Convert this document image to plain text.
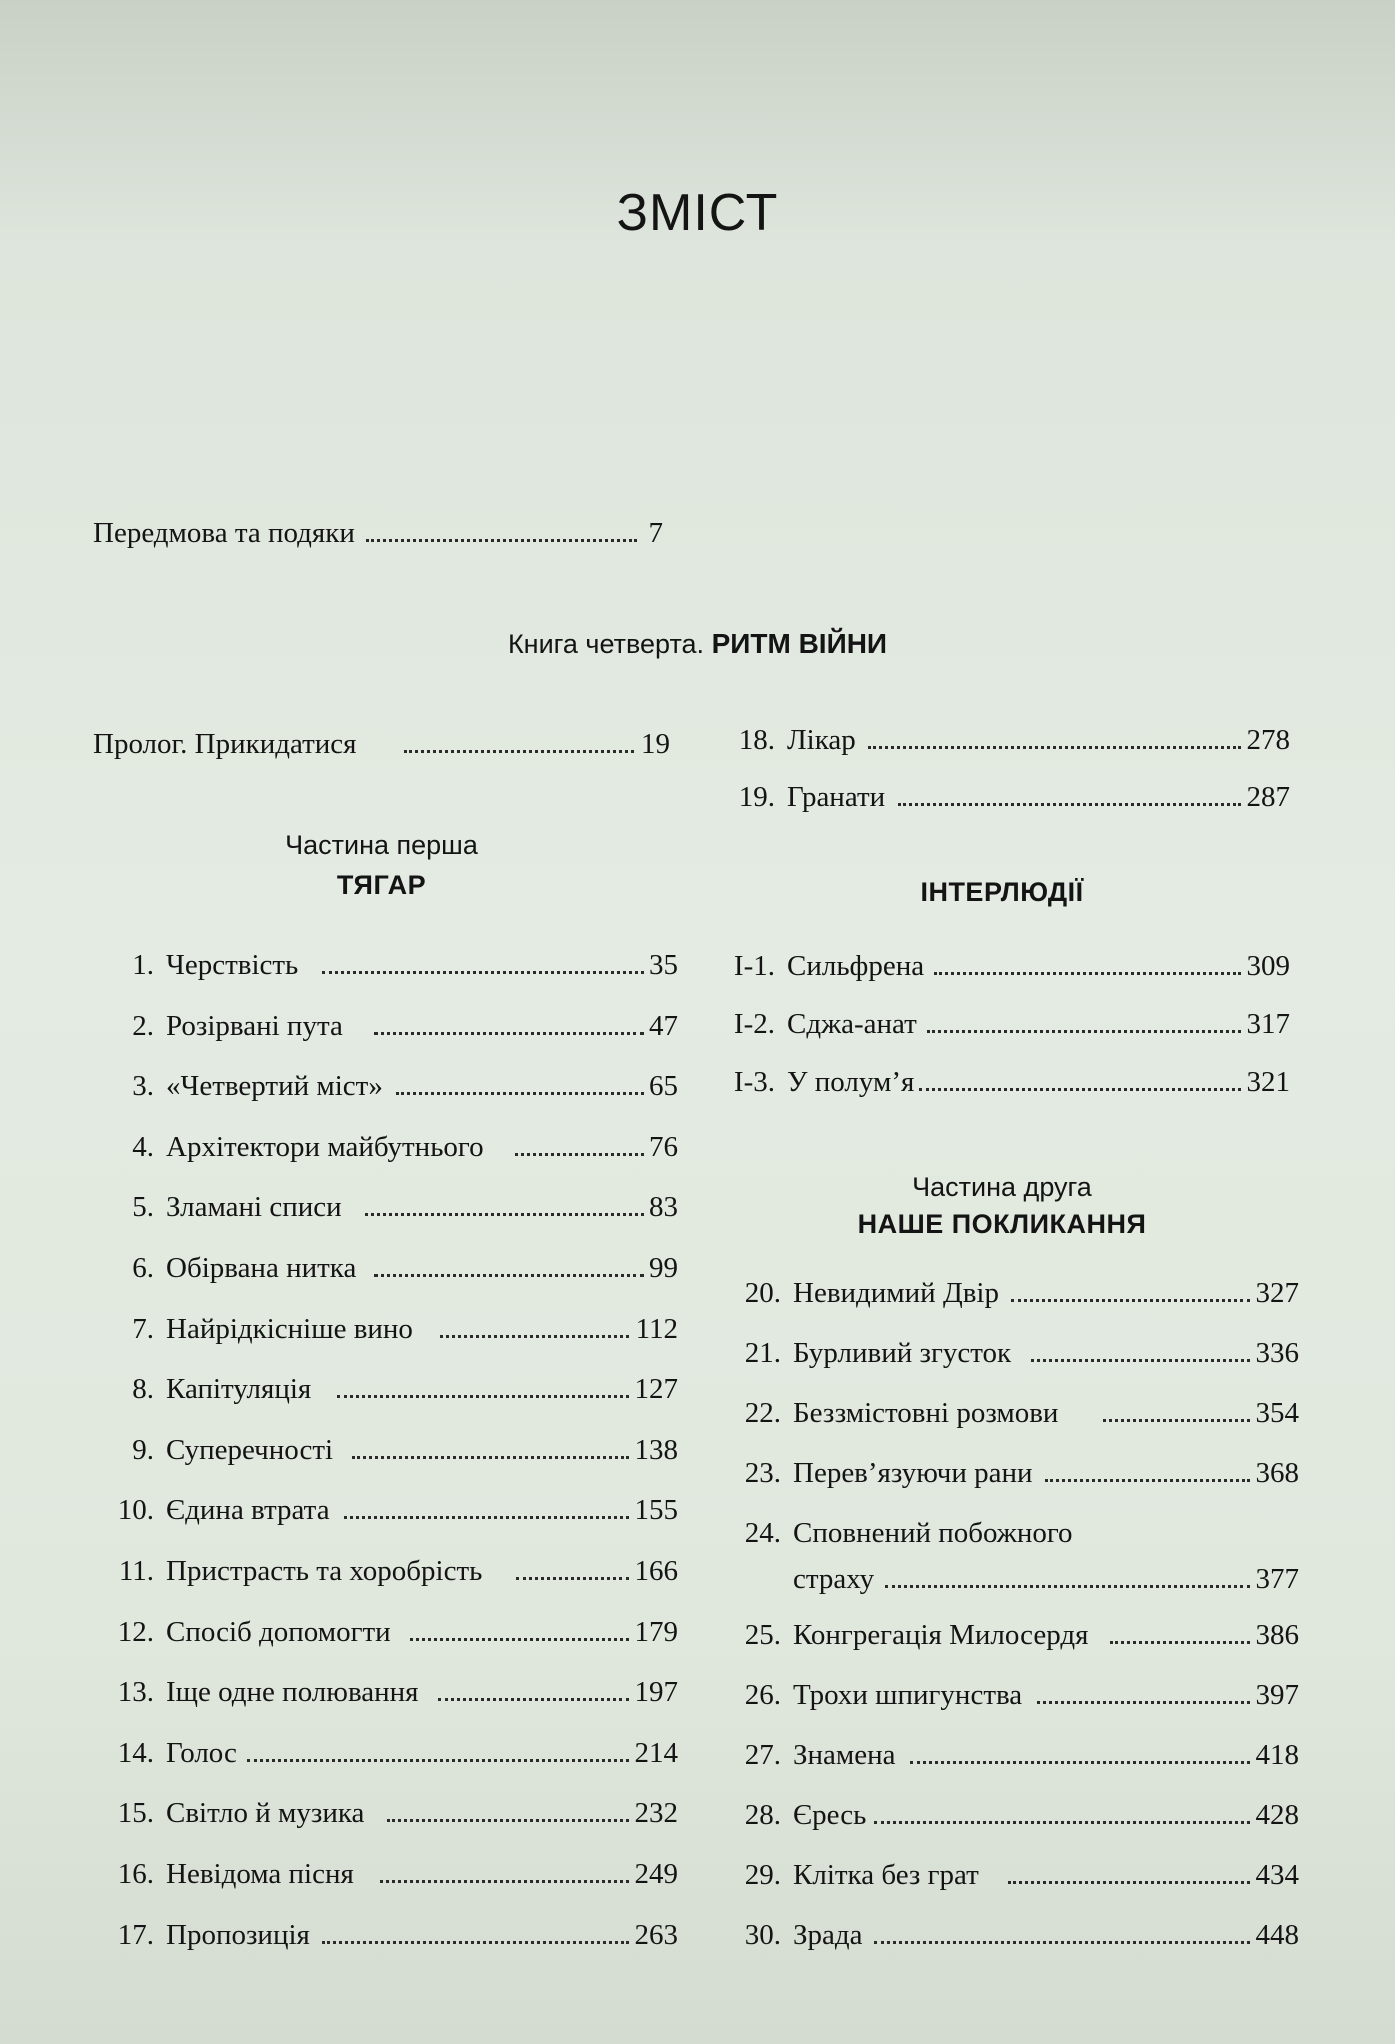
ЗМІСТ
Передмова та подяки	7
Книга четверта. РИТМ ВІЙНИ
Пролог. Прикидатися	19
Частина перша
ТЯГАР
1. Черствість	35
2. Розірвані пута	47
3. «Четвертий міст»	65
4. Архітектори майбутнього	76
5. Зламані списи	83
6. Обірвана нитка	99
7. Найрідкісніше вино	112
8. Капітуляція	127
9. Суперечності	138
10. Єдина втрата	155
11. Пристрасть та хоробрість	166
12. Спосіб допомогти	179
13. Іще одне полювання	197
14. Голос	214
15. Світло й музика	232
16. Невідома пісня	249
17. Пропозиція	263
18. Лікар	278
19. Гранати	287
ІНТЕРЛЮДІЇ
І-1. Сильфрена	309
І-2. Сджа-анат	317
І-3. У полум’я	321
Частина друга
НАШЕ ПОКЛИКАННЯ
20. Невидимий Двір	327
21. Бурливий згусток	336
22. Беззмістовні розмови	354
23. Перев’язуючи рани	368
24. Сповнений побожного
страху	377
25. Конгрегація Милосердя	386
26. Трохи шпигунства	397
27. Знамена	418
28. Єресь	428
29. Клітка без грат	434
30. Зрада	448
